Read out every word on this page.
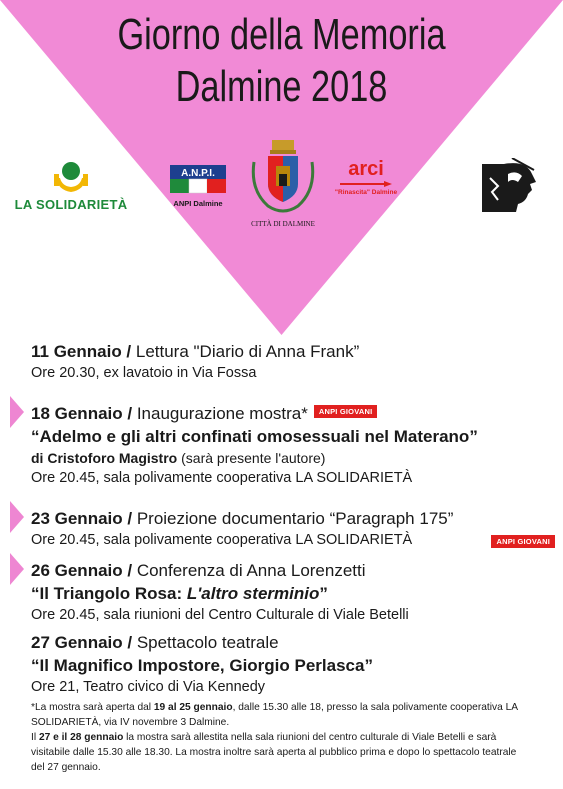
Giorno della Memoria
Dalmine 2018
LA SOLIDARIETÀ
A.N.P.I.
ANPI Dalmine
CITTÀ DI DALMINE
arci
"Rinascita" Dalmine
11 Gennaio / Lettura "Diario di Anna Frank”
Ore 20.30, ex lavatoio in Via Fossa
18 Gennaio / Inaugurazione mostra* ANPI GIOVANI
“Adelmo e gli altri confinati omosessuali nel Materano”
di Cristoforo Magistro (sarà presente l'autore)
Ore 20.45, sala polivamente cooperativa LA SOLIDARIETÀ
23 Gennaio / Proiezione documentario “Paragraph 175”
Ore 20.45, sala polivamente cooperativa LA SOLIDARIETÀ	ANPI GIOVANI
26 Gennaio / Conferenza di Anna Lorenzetti
“Il Triangolo Rosa: L'altro sterminio”
Ore 20.45, sala riunioni del Centro Culturale di Viale Betelli
27 Gennaio / Spettacolo teatrale
“Il Magnifico Impostore, Giorgio Perlasca”
Ore 21, Teatro civico di Via Kennedy

*La mostra sarà aperta dal 19 al 25 gennaio, dalle 15.30 alle 18, presso la sala polivamente cooperativa LA SOLIDARIETÀ, via IV novembre 3 Dalmine.

Il 27 e il 28 gennaio la mostra sarà allestita nella sala riunioni del centro culturale di Viale Betelli e sarà visitabile dalle 15.30 alle 18.30. La mostra inoltre sarà aperta al pubblico prima e dopo lo spettacolo teatrale del 27 gennaio.
